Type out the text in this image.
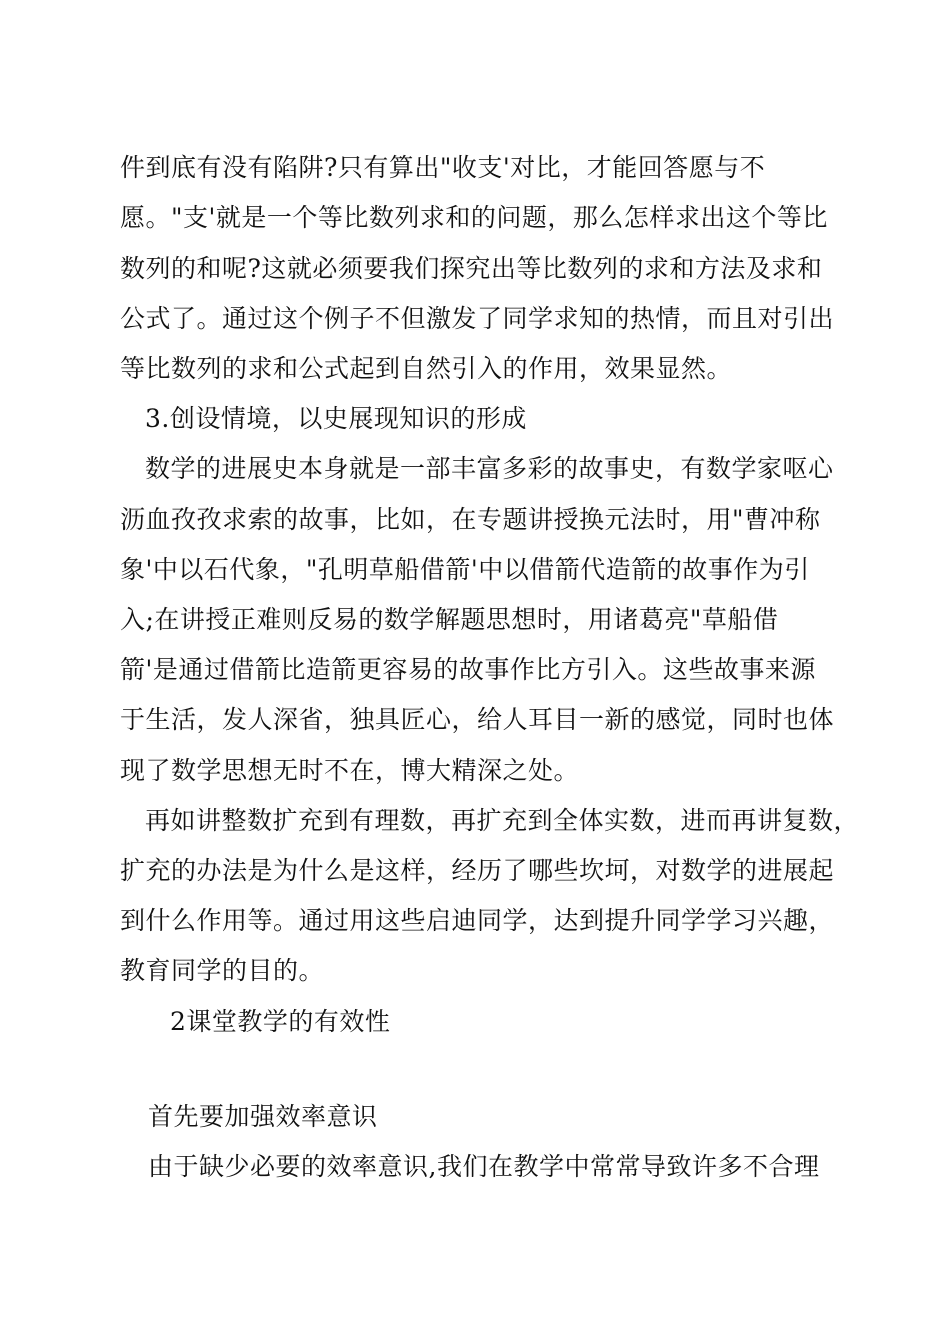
件到底有没有陷阱?只有算出"收支'对比，才能回答愿与不
愿。"支'就是一个等比数列求和的问题，那么怎样求出这个等比
数列的和呢?这就必须要我们探究出等比数列的求和方法及求和
公式了。通过这个例子不但激发了同学求知的热情，而且对引出
等比数列的求和公式起到自然引入的作用，效果显然。
3.创设情境，以史展现知识的形成
数学的进展史本身就是一部丰富多彩的故事史，有数学家呕心
沥血孜孜求索的故事，比如，在专题讲授换元法时，用"曹冲称
象'中以石代象，"孔明草船借箭'中以借箭代造箭的故事作为引
入;在讲授正难则反易的数学解题思想时，用诸葛亮"草船借
箭'是通过借箭比造箭更容易的故事作比方引入。这些故事来源
于生活，发人深省，独具匠心，给人耳目一新的感觉，同时也体
现了数学思想无时不在，博大精深之处。
再如讲整数扩充到有理数，再扩充到全体实数，进而再讲复数，
扩充的办法是为什么是这样，经历了哪些坎坷，对数学的进展起
到什么作用等。通过用这些启迪同学，达到提升同学学习兴趣，
教育同学的目的。
2课堂教学的有效性
首先要加强效率意识
由于缺少必要的效率意识,我们在教学中常常导致许多不合理
